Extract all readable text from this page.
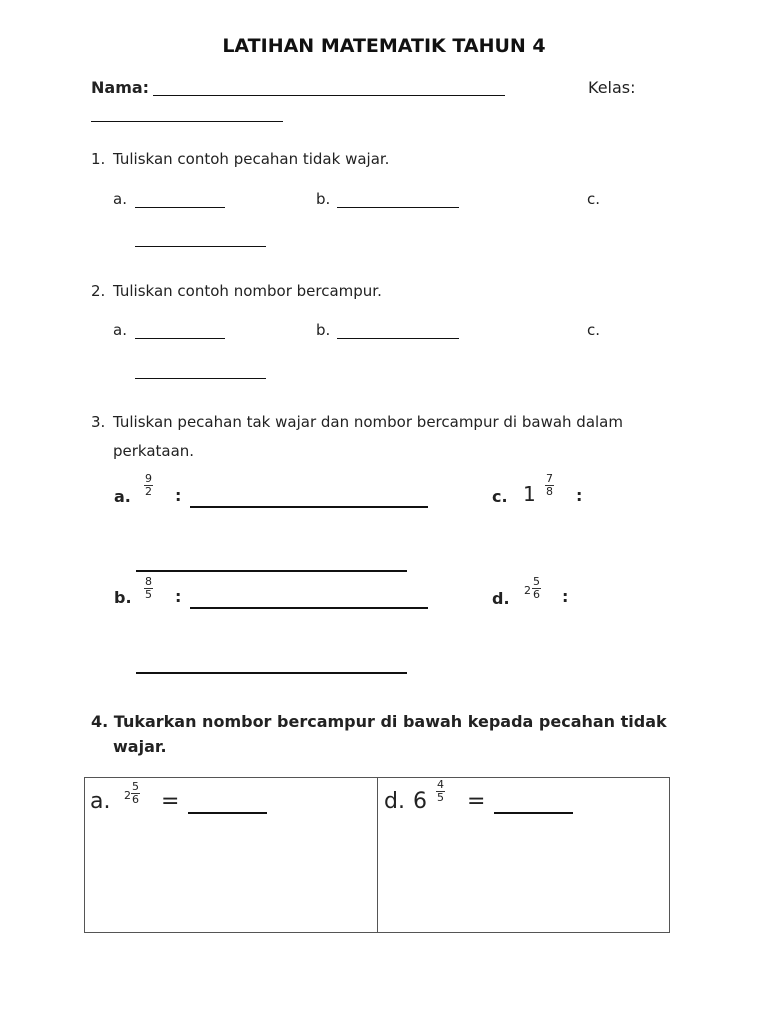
LATIHAN MATEMATIK TAHUN 4
Nama:	Kelas:
1. Tuliskan contoh pecahan tidak wajar.
a.	b.	c.
2. Tuliskan contoh nombor bercampur.
a.	b.	c.
3. Tuliskan pecahan tak wajar dan nombor bercampur di bawah dalam
perkataan.
a. $\frac{9}{2}$ :	c. $1 \frac{7}{8}$ :
b. $\frac{8}{5}$ :	d. $2 \frac{5}{6}$ :
4. Tukarkan nombor bercampur di bawah kepada pecahan tidak
wajar.
a. $2 \frac{5}{6}$ =	d. $6 \frac{4}{5}$ =
